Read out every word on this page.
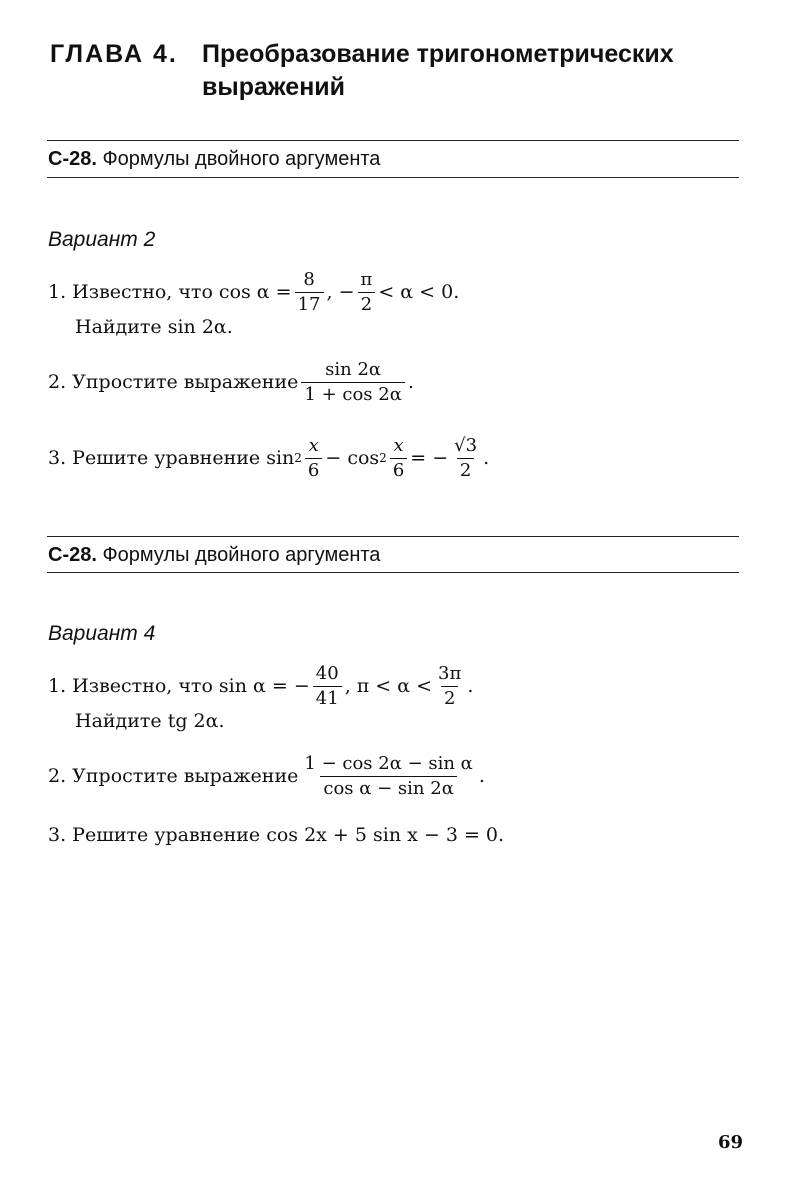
ГЛАВА 4. Преобразование тригонометрических выражений
С-28. Формулы двойного аргумента
Вариант 2
1. Известно, что $\cos \alpha = \frac{8}{17}$ , − $\frac{\pi}{2} < \alpha < 0$.
Найдите sin 2α.
2. Упростите выражение $\frac{\sin 2\alpha}{1 + \cos 2\alpha}$ .
3. Решите уравнение $\sin 2 \frac{x}{6} - \cos 2 \frac{x}{6}$ = − $\frac{√3}{2}$ .
С-28. Формулы двойного аргумента
Вариант 4
1. Известно, что sin α = − $\frac{40}{41}$ , $\pi < \alpha < \frac{3\pi}{2}$ .
Найдите tg 2α.
2. Упростите выражение $\frac{\text{1 − cos 2α − sin α}}{\text{cos α − sin 2α}}$ .
3. Решите уравнение cos 2x + 5 sin x − 3 = 0.
69
